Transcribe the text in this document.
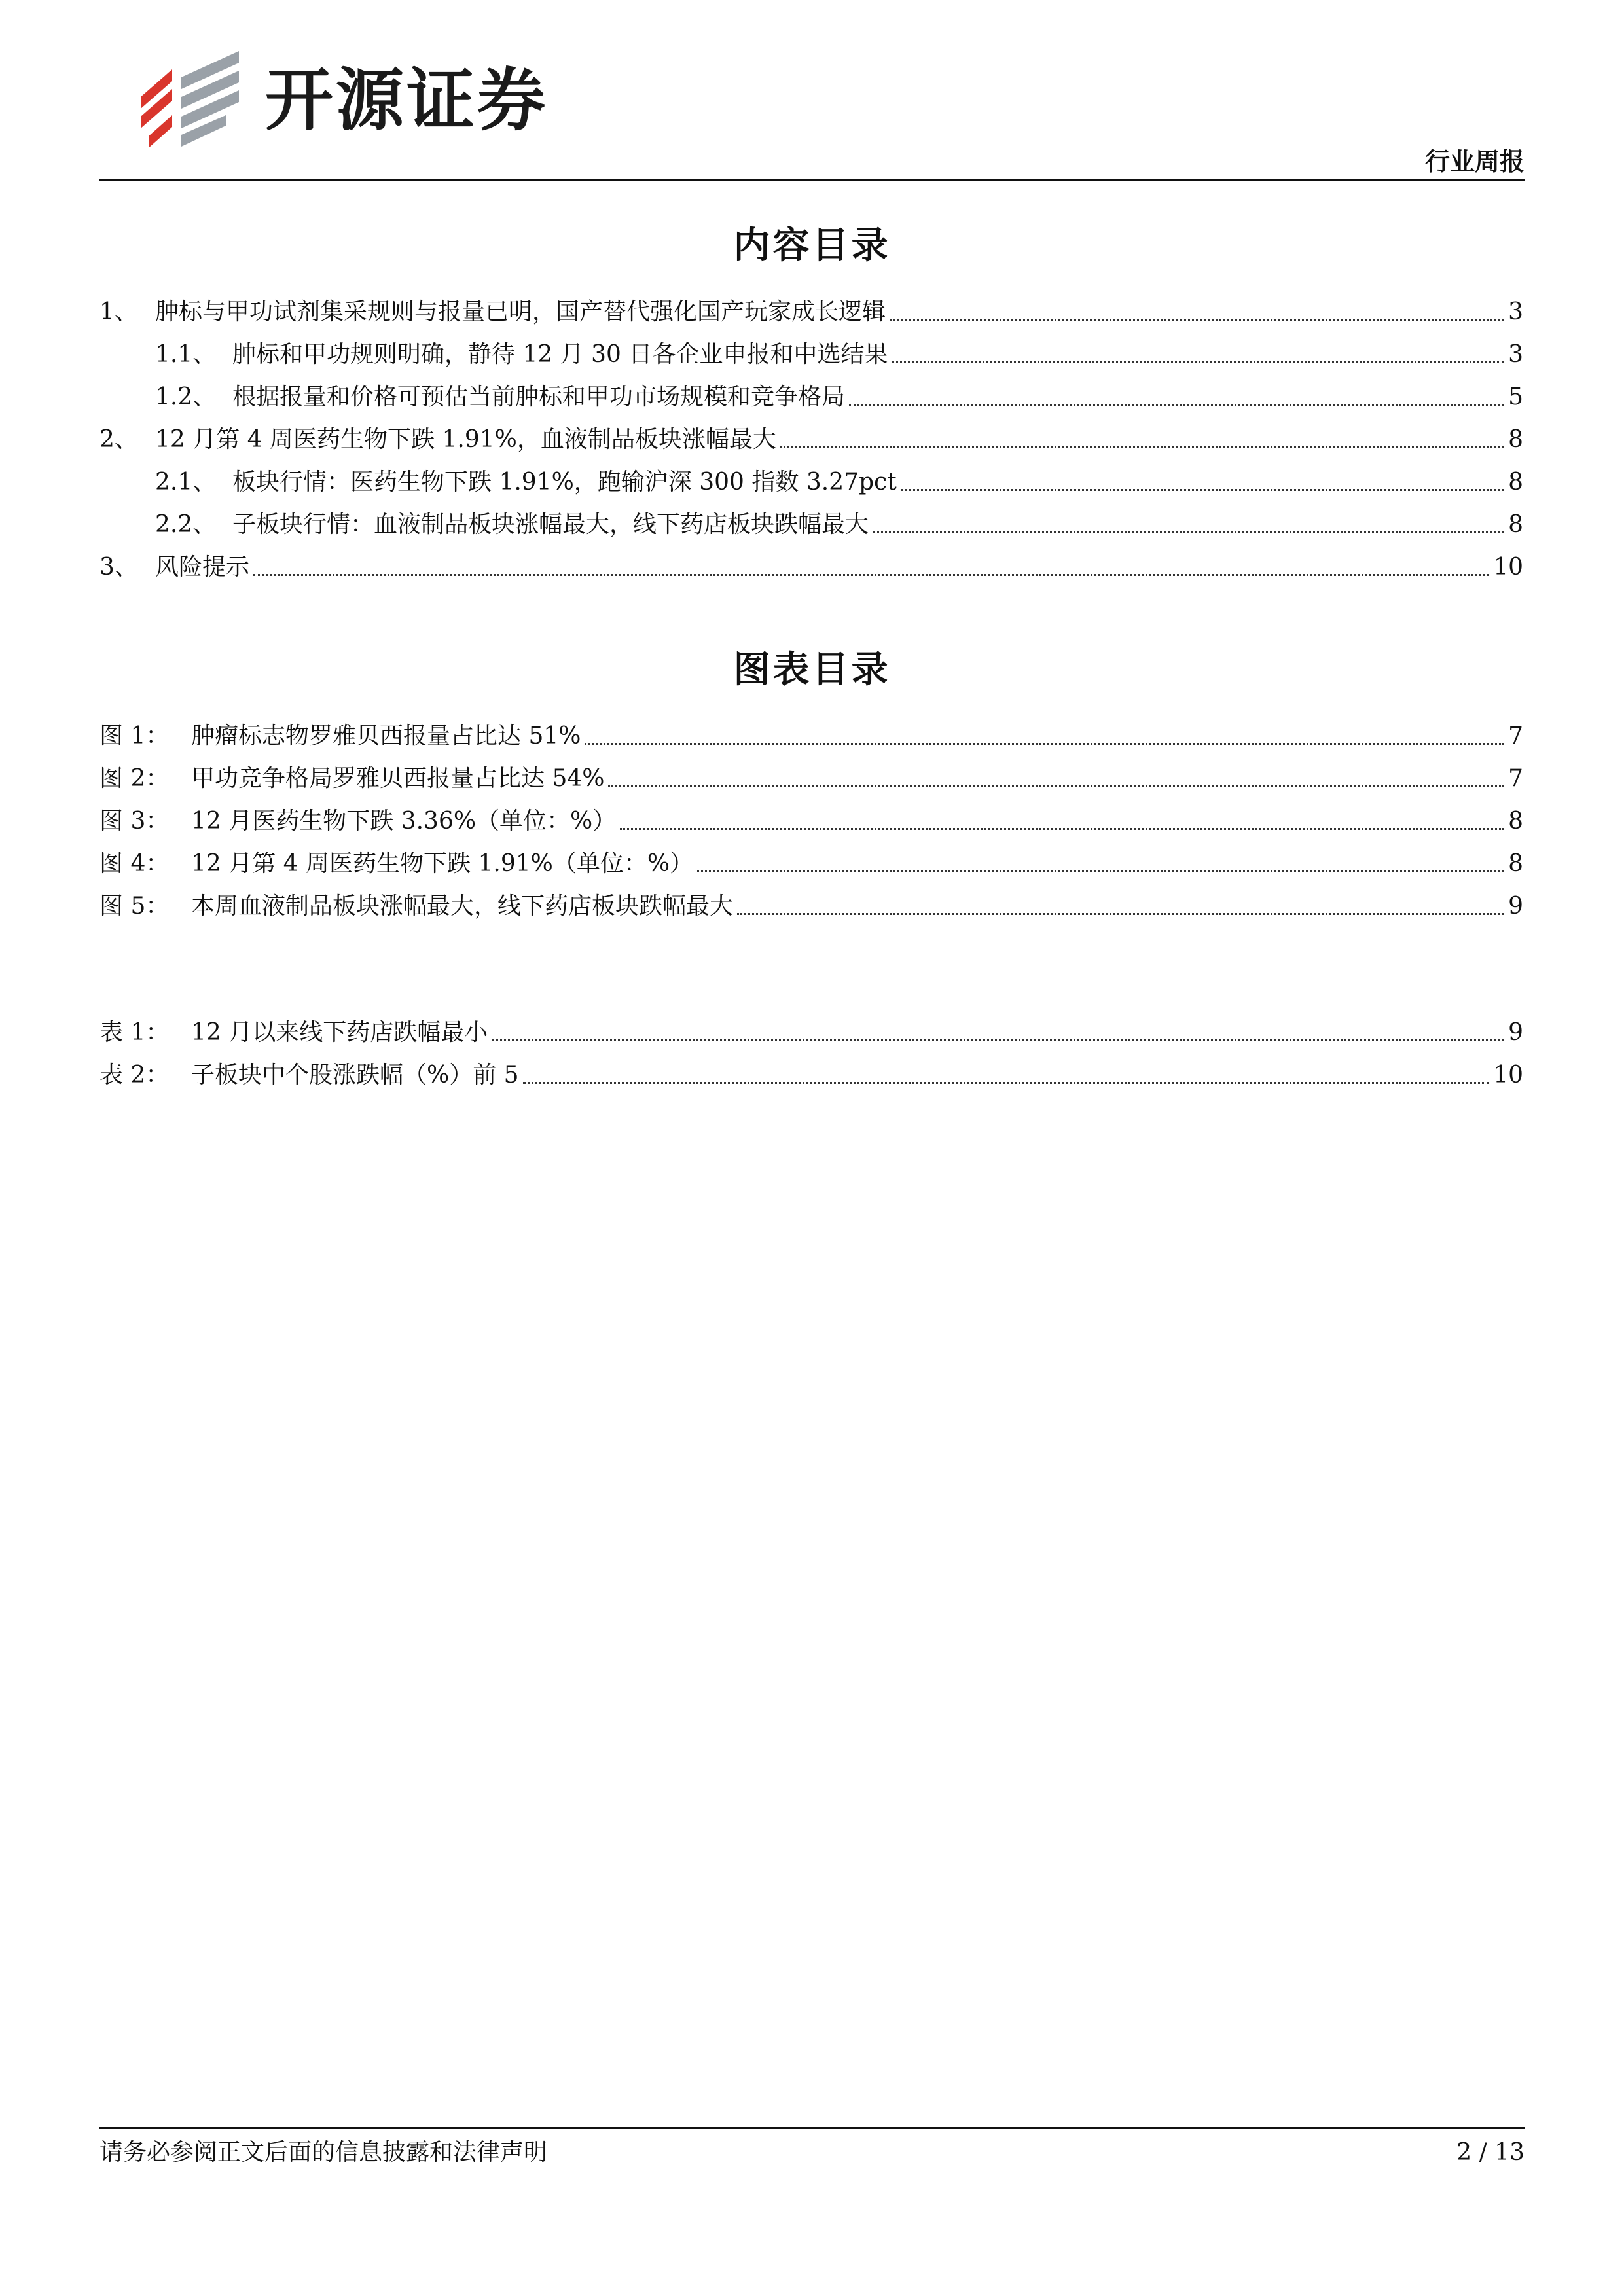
开源证券
行业周报
内容目录
1、 肿标与甲功试剂集采规则与报量已明，国产替代强化国产玩家成长逻辑	3
1.1、 肿标和甲功规则明确，静待 12 月 30 日各企业申报和中选结果	3
1.2、 根据报量和价格可预估当前肿标和甲功市场规模和竞争格局	5
2、 12 月第 4 周医药生物下跌 1.91%，血液制品板块涨幅最大	8
2.1、 板块行情：医药生物下跌 1.91%，跑输沪深 300 指数 3.27pct	8
2.2、 子板块行情：血液制品板块涨幅最大，线下药店板块跌幅最大	8
3、 风险提示	10
图表目录
图 1： 肿瘤标志物罗雅贝西报量占比达 51%	7
图 2： 甲功竞争格局罗雅贝西报量占比达 54%	7
图 3： 12 月医药生物下跌 3.36%（单位：%）	8
图 4： 12 月第 4 周医药生物下跌 1.91%（单位：%）	8
图 5： 本周血液制品板块涨幅最大，线下药店板块跌幅最大	9
表 1： 12 月以来线下药店跌幅最小	9
表 2： 子板块中个股涨跌幅（%）前 5	10
请务必参阅正文后面的信息披露和法律声明	2 / 13
